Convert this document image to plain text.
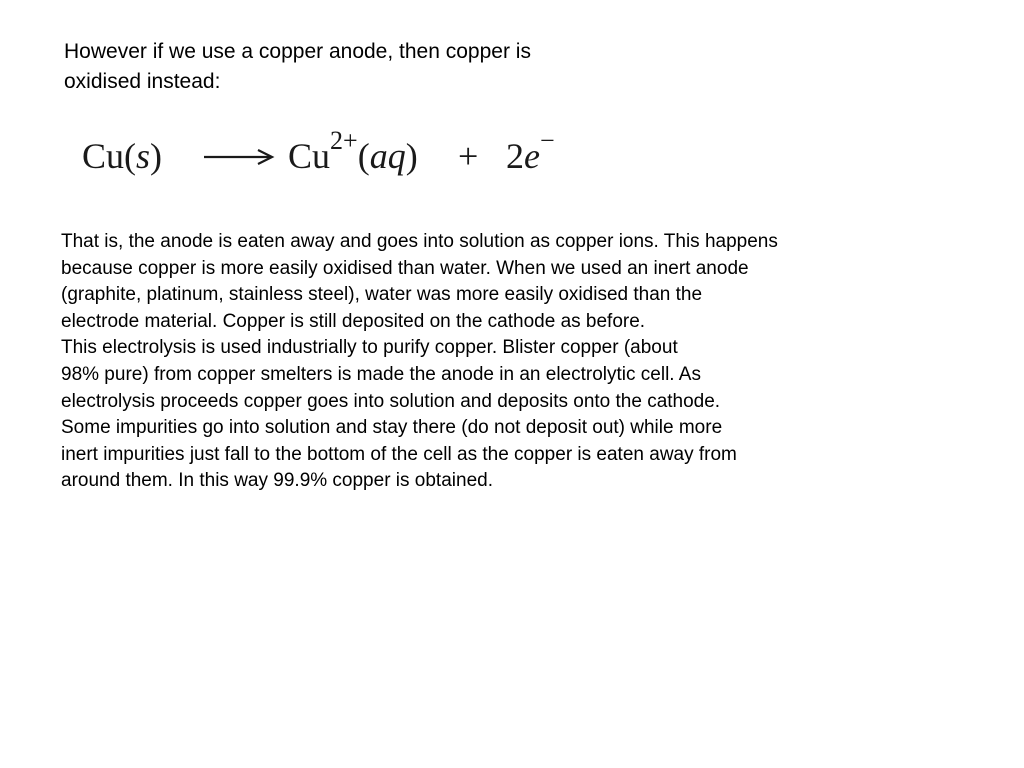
However if we use a copper anode, then copper is
oxidised instead:
Cu(s)	$Cu^{2+}(aq) + 2e^-$
That is, the anode is eaten away and goes into solution as copper ions. This happens
because copper is more easily oxidised than water. When we used an inert anode
(graphite, platinum, stainless steel), water was more easily oxidised than the
electrode material. Copper is still deposited on the cathode as before.
This electrolysis is used industrially to purify copper. Blister copper (about
98% pure) from copper smelters is made the anode in an electrolytic cell. As
electrolysis proceeds copper goes into solution and deposits onto the cathode.
Some impurities go into solution and stay there (do not deposit out) while more
inert impurities just fall to the bottom of the cell as the copper is eaten away from
around them. In this way 99.9% copper is obtained.
